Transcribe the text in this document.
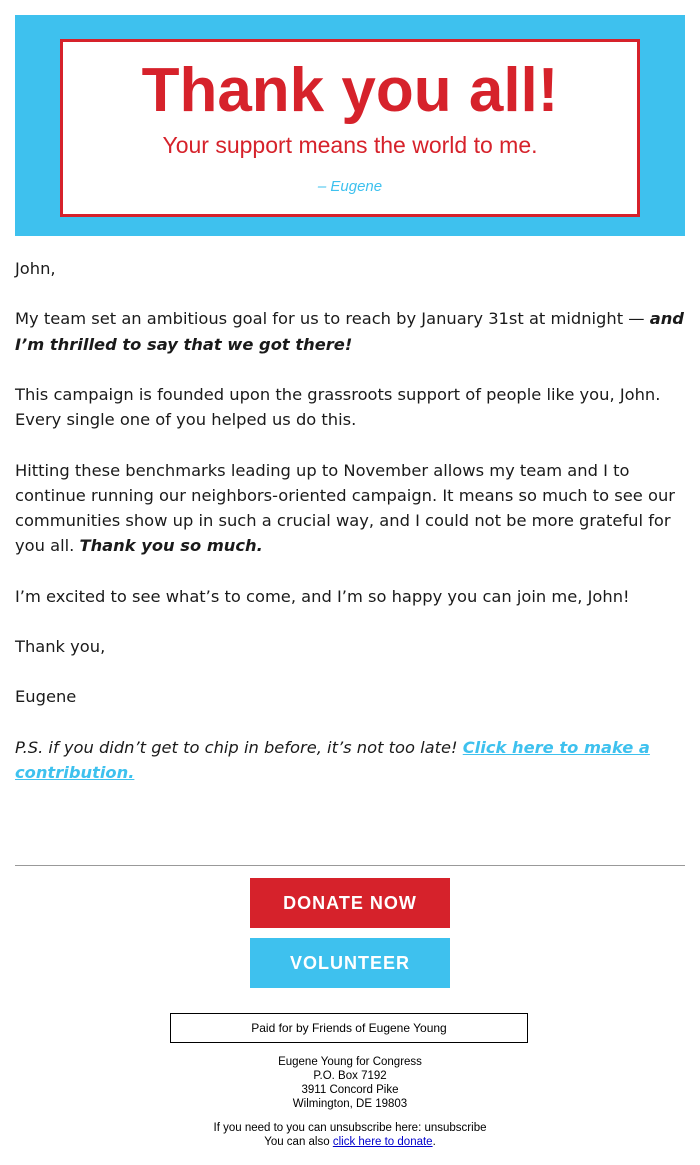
Thank you all!
Your support means the world to me.
– Eugene

John,

My team set an ambitious goal for us to reach by January 31st at midnight — and I’m thrilled to say that we got there!

This campaign is founded upon the grassroots support of people like you, John. Every single one of you helped us do this.

Hitting these benchmarks leading up to November allows my team and I to continue running our neighbors-oriented campaign. It means so much to see our communities show up in such a crucial way, and I could not be more grateful for you all. Thank you so much.

I’m excited to see what’s to come, and I’m so happy you can join me, John!

Thank you,

Eugene

P.S. if you didn’t get to chip in before, it’s not too late! Click here to make a contribution.

DONATE NOW
VOLUNTEER
Paid for by Friends of Eugene Young
Eugene Young for Congress
P.O. Box 7192
3911 Concord Pike
Wilmington, DE 19803
If you need to you can unsubscribe here: unsubscribe
You can also click here to donate.
